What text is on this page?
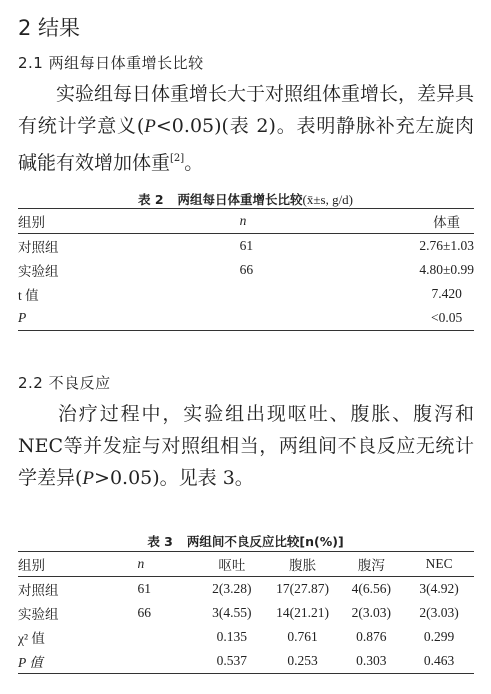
2 结果
2.1 两组每日体重增长比较
实验组每日体重增长大于对照组体重增长，差异具有统计学意义(P<0.05)(表 2)。表明静脉补充左旋肉碱能有效增加体重[2]。
表 2 两组每日体重增长比较(x̄±s, g/d)
组别	n	体重
对照组	61	2.76±1.03
实验组	66	4.80±0.99
t 值		7.420
P		<0.05
2.2 不良反应
治疗过程中，实验组出现呕吐、腹胀、腹泻和 NEC等并发症与对照组相当，两组间不良反应无统计学差异(P>0.05)。见表 3。
表 3 两组间不良反应比较[n(%)]
组别	n	呕吐	腹胀	腹泻	NEC
对照组	61	2(3.28)	17(27.87)	4(6.56)	3(4.92)
实验组	66	3(4.55)	14(21.21)	2(3.03)	2(3.03)
χ² 值		0.135	0.761	0.876	0.299
P 值		0.537	0.253	0.303	0.463
